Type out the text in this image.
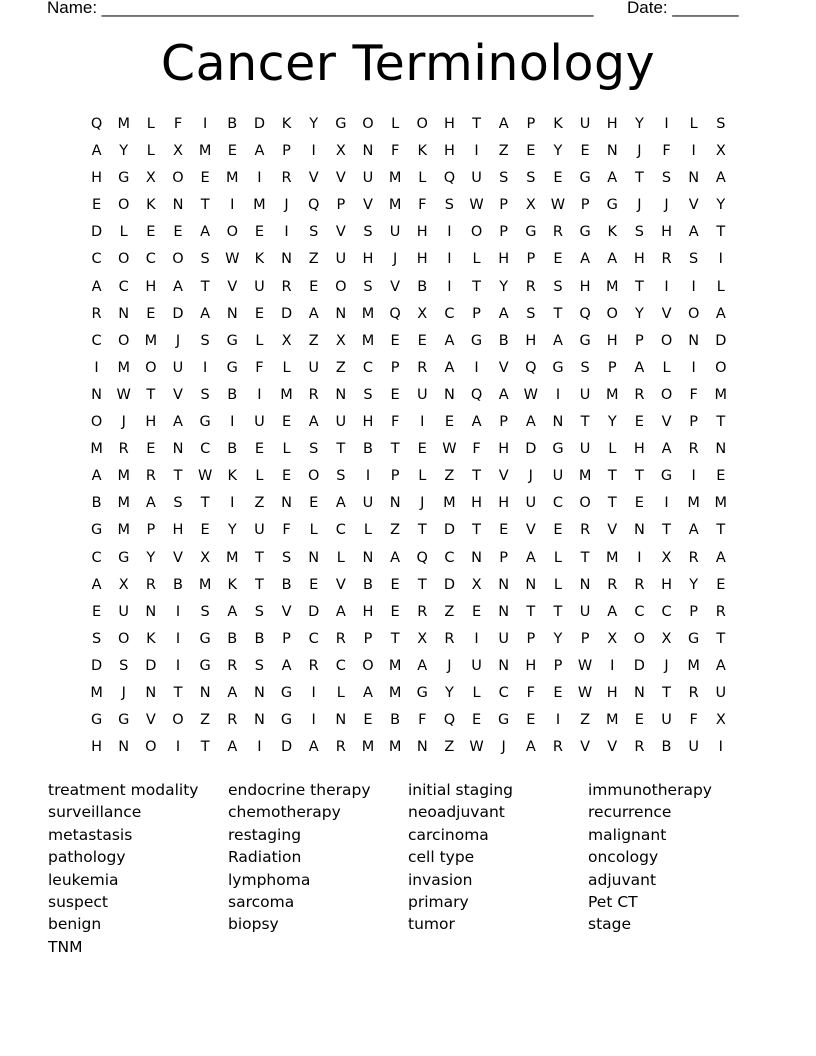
Name: ____________________________________________________ Date: _______
Cancer Terminology
Q	M	L	F	I	B	D	K	Y	G	O	L	O	H	T	A	P	K	U	H	Y	I	L	S
A	Y	L	X	M	E	A	P	I	X	N	F	K	H	I	Z	E	Y	E	N	J	F	I	X
H	G	X	O	E	M	I	R	V	V	U	M	L	Q	U	S	S	E	G	A	T	S	N	A
E	O	K	N	T	I	M	J	Q	P	V	M	F	S	W	P	X	W	P	G	J	J	V	Y
D	L	E	E	A	O	E	I	S	V	S	U	H	I	O	P	G	R	G	K	S	H	A	T
C	O	C	O	S	W	K	N	Z	U	H	J	H	I	L	H	P	E	A	A	H	R	S	I
A	C	H	A	T	V	U	R	E	O	S	V	B	I	T	Y	R	S	H	M	T	I	I	L
R	N	E	D	A	N	E	D	A	N	M	Q	X	C	P	A	S	T	Q	O	Y	V	O	A
C	O	M	J	S	G	L	X	Z	X	M	E	E	A	G	B	H	A	G	H	P	O	N	D
I	M	O	U	I	G	F	L	U	Z	C	P	R	A	I	V	Q	G	S	P	A	L	I	O
N	W	T	V	S	B	I	M	R	N	S	E	U	N	Q	A	W	I	U	M	R	O	F	M
O	J	H	A	G	I	U	E	A	U	H	F	I	E	A	P	A	N	T	Y	E	V	P	T
M	R	E	N	C	B	E	L	S	T	B	T	E	W	F	H	D	G	U	L	H	A	R	N
A	M	R	T	W	K	L	E	O	S	I	P	L	Z	T	V	J	U	M	T	T	G	I	E
B	M	A	S	T	I	Z	N	E	A	U	N	J	M	H	H	U	C	O	T	E	I	M	M
G	M	P	H	E	Y	U	F	L	C	L	Z	T	D	T	E	V	E	R	V	N	T	A	T
C	G	Y	V	X	M	T	S	N	L	N	A	Q	C	N	P	A	L	T	M	I	X	R	A
A	X	R	B	M	K	T	B	E	V	B	E	T	D	X	N	N	L	N	R	R	H	Y	E
E	U	N	I	S	A	S	V	D	A	H	E	R	Z	E	N	T	T	U	A	C	C	P	R
S	O	K	I	G	B	B	P	C	R	P	T	X	R	I	U	P	Y	P	X	O	X	G	T
D	S	D	I	G	R	S	A	R	C	O	M	A	J	U	N	H	P	W	I	D	J	M	A
M	J	N	T	N	A	N	G	I	L	A	M	G	Y	L	C	F	E	W	H	N	T	R	U
G	G	V	O	Z	R	N	G	I	N	E	B	F	Q	E	G	E	I	Z	M	E	U	F	X
H	N	O	I	T	A	I	D	A	R	M	M	N	Z	W	J	A	R	V	V	R	B	U	I
treatment modality
surveillance
metastasis
pathology
leukemia
suspect
benign
TNM
endocrine therapy
chemotherapy
restaging
Radiation
lymphoma
sarcoma
biopsy
initial staging
neoadjuvant
carcinoma
cell type
invasion
primary
tumor
immunotherapy
recurrence
malignant
oncology
adjuvant
Pet CT
stage
